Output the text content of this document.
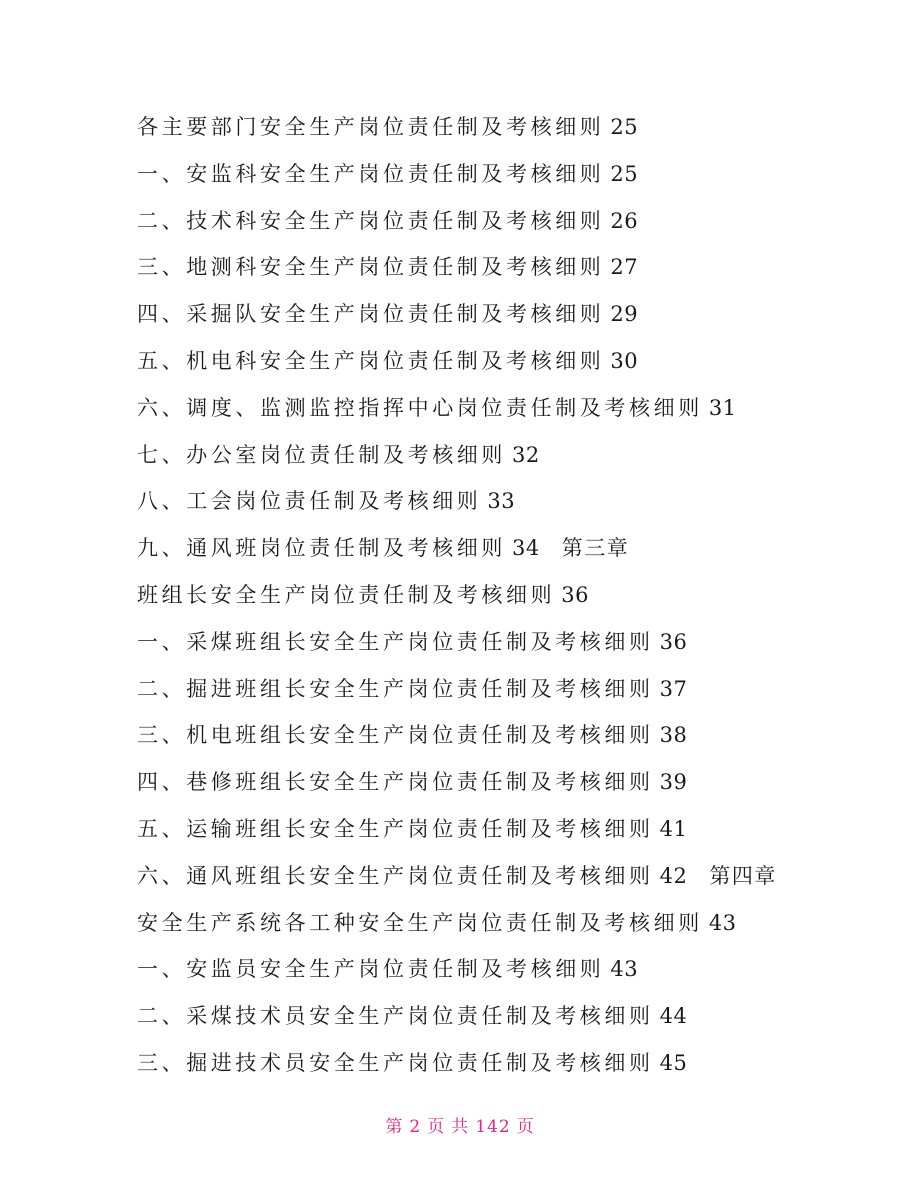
各主要部门安全生产岗位责任制及考核细则 25
一、安监科安全生产岗位责任制及考核细则 25
二、技术科安全生产岗位责任制及考核细则 26
三、地测科安全生产岗位责任制及考核细则 27
四、采掘队安全生产岗位责任制及考核细则 29
五、机电科安全生产岗位责任制及考核细则 30
六、调度、监测监控指挥中心岗位责任制及考核细则 31
七、办公室岗位责任制及考核细则 32
八、工会岗位责任制及考核细则 33
九、通风班岗位责任制及考核细则 34 第三章
班组长安全生产岗位责任制及考核细则 36
一、采煤班组长安全生产岗位责任制及考核细则 36
二、掘进班组长安全生产岗位责任制及考核细则 37
三、机电班组长安全生产岗位责任制及考核细则 38
四、巷修班组长安全生产岗位责任制及考核细则 39
五、运输班组长安全生产岗位责任制及考核细则 41
六、通风班组长安全生产岗位责任制及考核细则 42 第四章
安全生产系统各工种安全生产岗位责任制及考核细则 43
一、安监员安全生产岗位责任制及考核细则 43
二、采煤技术员安全生产岗位责任制及考核细则 44
三、掘进技术员安全生产岗位责任制及考核细则 45
第 2 页 共 142 页
